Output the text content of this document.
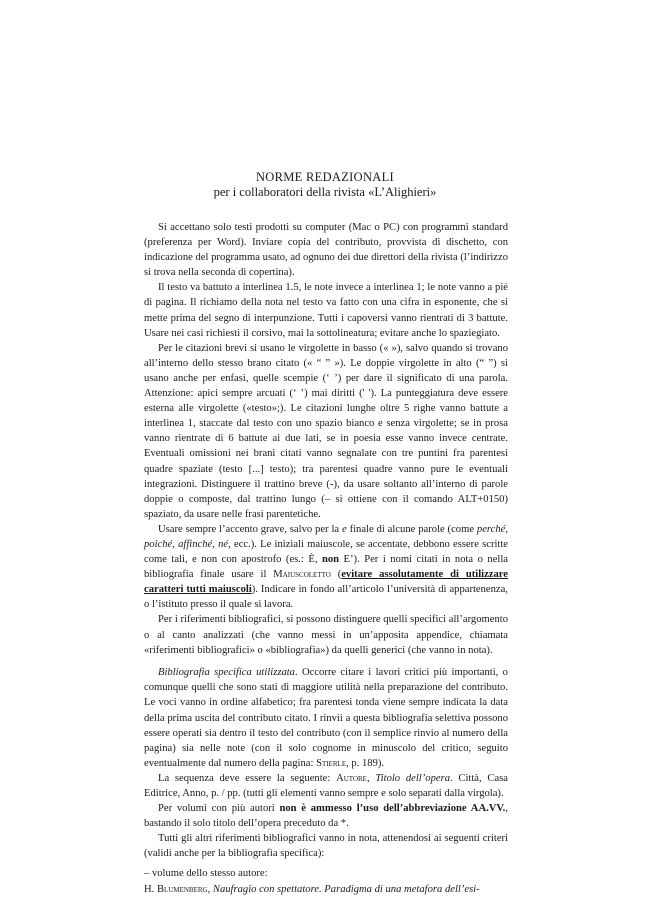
NORME REDAZIONALI
per i collaboratori della rivista «L’Alighieri»

Si accettano solo testi prodotti su computer (Mac o PC) con programmi standard (preferenza per Word). Inviare copia del contributo, provvista di dischetto, con indicazione del programma usato, ad ognuno dei due direttori della rivista (l’indirizzo si trova nella seconda di copertina).

Il testo va battuto a interlinea 1.5, le note invece a interlinea 1; le note vanno a pié di pagina. Il richiamo della nota nel testo va fatto con una cifra in esponente, che si mette prima del segno di interpunzione. Tutti i capoversi vanno rientrati di 3 battute. Usare nei casi richiesti il corsivo, mai la sottolineatura; evitare anche lo spaziegiato.

Per le citazioni brevi si usano le virgolette in basso (« »), salvo quando si trovano all’interno dello stesso brano citato (« “ ” »). Le doppie virgolette in alto (“ ”) si usano anche per enfasi, quelle scempie (‘ ’) per dare il significato di una parola. Attenzione: apici sempre arcuati (‘ ’) mai diritti (' '). La punteggiatura deve essere esterna alle virgolette («testo»;). Le citazioni lunghe oltre 5 righe vanno battute a interlinea 1, staccate dal testo con uno spazio bianco e senza virgolette; se in prosa vanno rientrate di 6 battute ai due lati, se in poesia esse vanno invece centrate. Eventuali omissioni nei brani citati vanno segnalate con tre puntini fra parentesi quadre spaziate (testo [...] testo); tra parentesi quadre vanno pure le eventuali integrazioni. Distinguere il trattino breve (-), da usare soltanto all’interno di parole doppie o composte, dal trattino lungo (– si ottiene con il comando ALT+0150) spaziato, da usare nelle frasi parentetiche.

Usare sempre l’accento grave, salvo per la e finale di alcune parole (come perché, poiché, affinché, né, ecc.). Le iniziali maiuscole, se accentate, debbono essere scritte come tali, e non con apostrofo (es.: È, non E’). Per i nomi citati in nota o nella bibliografia finale usare il Maiuscoletto (evitare assolutamente di utilizzare caratteri tutti maiuscoli). Indicare in fondo all’articolo l’università di appartenenza, o l’istituto presso il quale si lavora.

Per i riferimenti bibliografici, si possono distinguere quelli specifici all’argomento o al canto analizzati (che vanno messi in un’apposita appendice, chiamata «riferimenti bibliografici» o «bibliografia») da quelli generici (che vanno in nota).

Bibliografia specifica utilizzata. Occorre citare i lavori critici più importanti, o comunque quelli che sono stati di maggiore utilità nella preparazione del contributo. Le voci vanno in ordine alfabetico; fra parentesi tonda viene sempre indicata la data della prima uscita del contributo citato. I rinvii a questa bibliografia selettiva possono essere operati sia dentro il testo del contributo (con il semplice rinvio al numero della pagina) sia nelle note (con il solo cognome in minuscolo del critico, seguito eventualmente dal numero della pagina: Stierle, p. 189).

La sequenza deve essere la seguente: Autore, Titolo dell’opera. Città, Casa Editrice, Anno, p. / pp. (tutti gli elementi vanno sempre e solo separati dalla virgola).

Per volumi con più autori non è ammesso l’uso dell’abbreviazione AA.VV., bastando il solo titolo dell’opera preceduto da *.

Tutti gli altri riferimenti bibliografici vanno in nota, attenendosi ai seguenti criteri (validi anche per la bibliografia specifica):

– volume dello stesso autore:

H. Blumenberg, Naufragio con spettatore. Paradigma di una metafora dell’esi-
